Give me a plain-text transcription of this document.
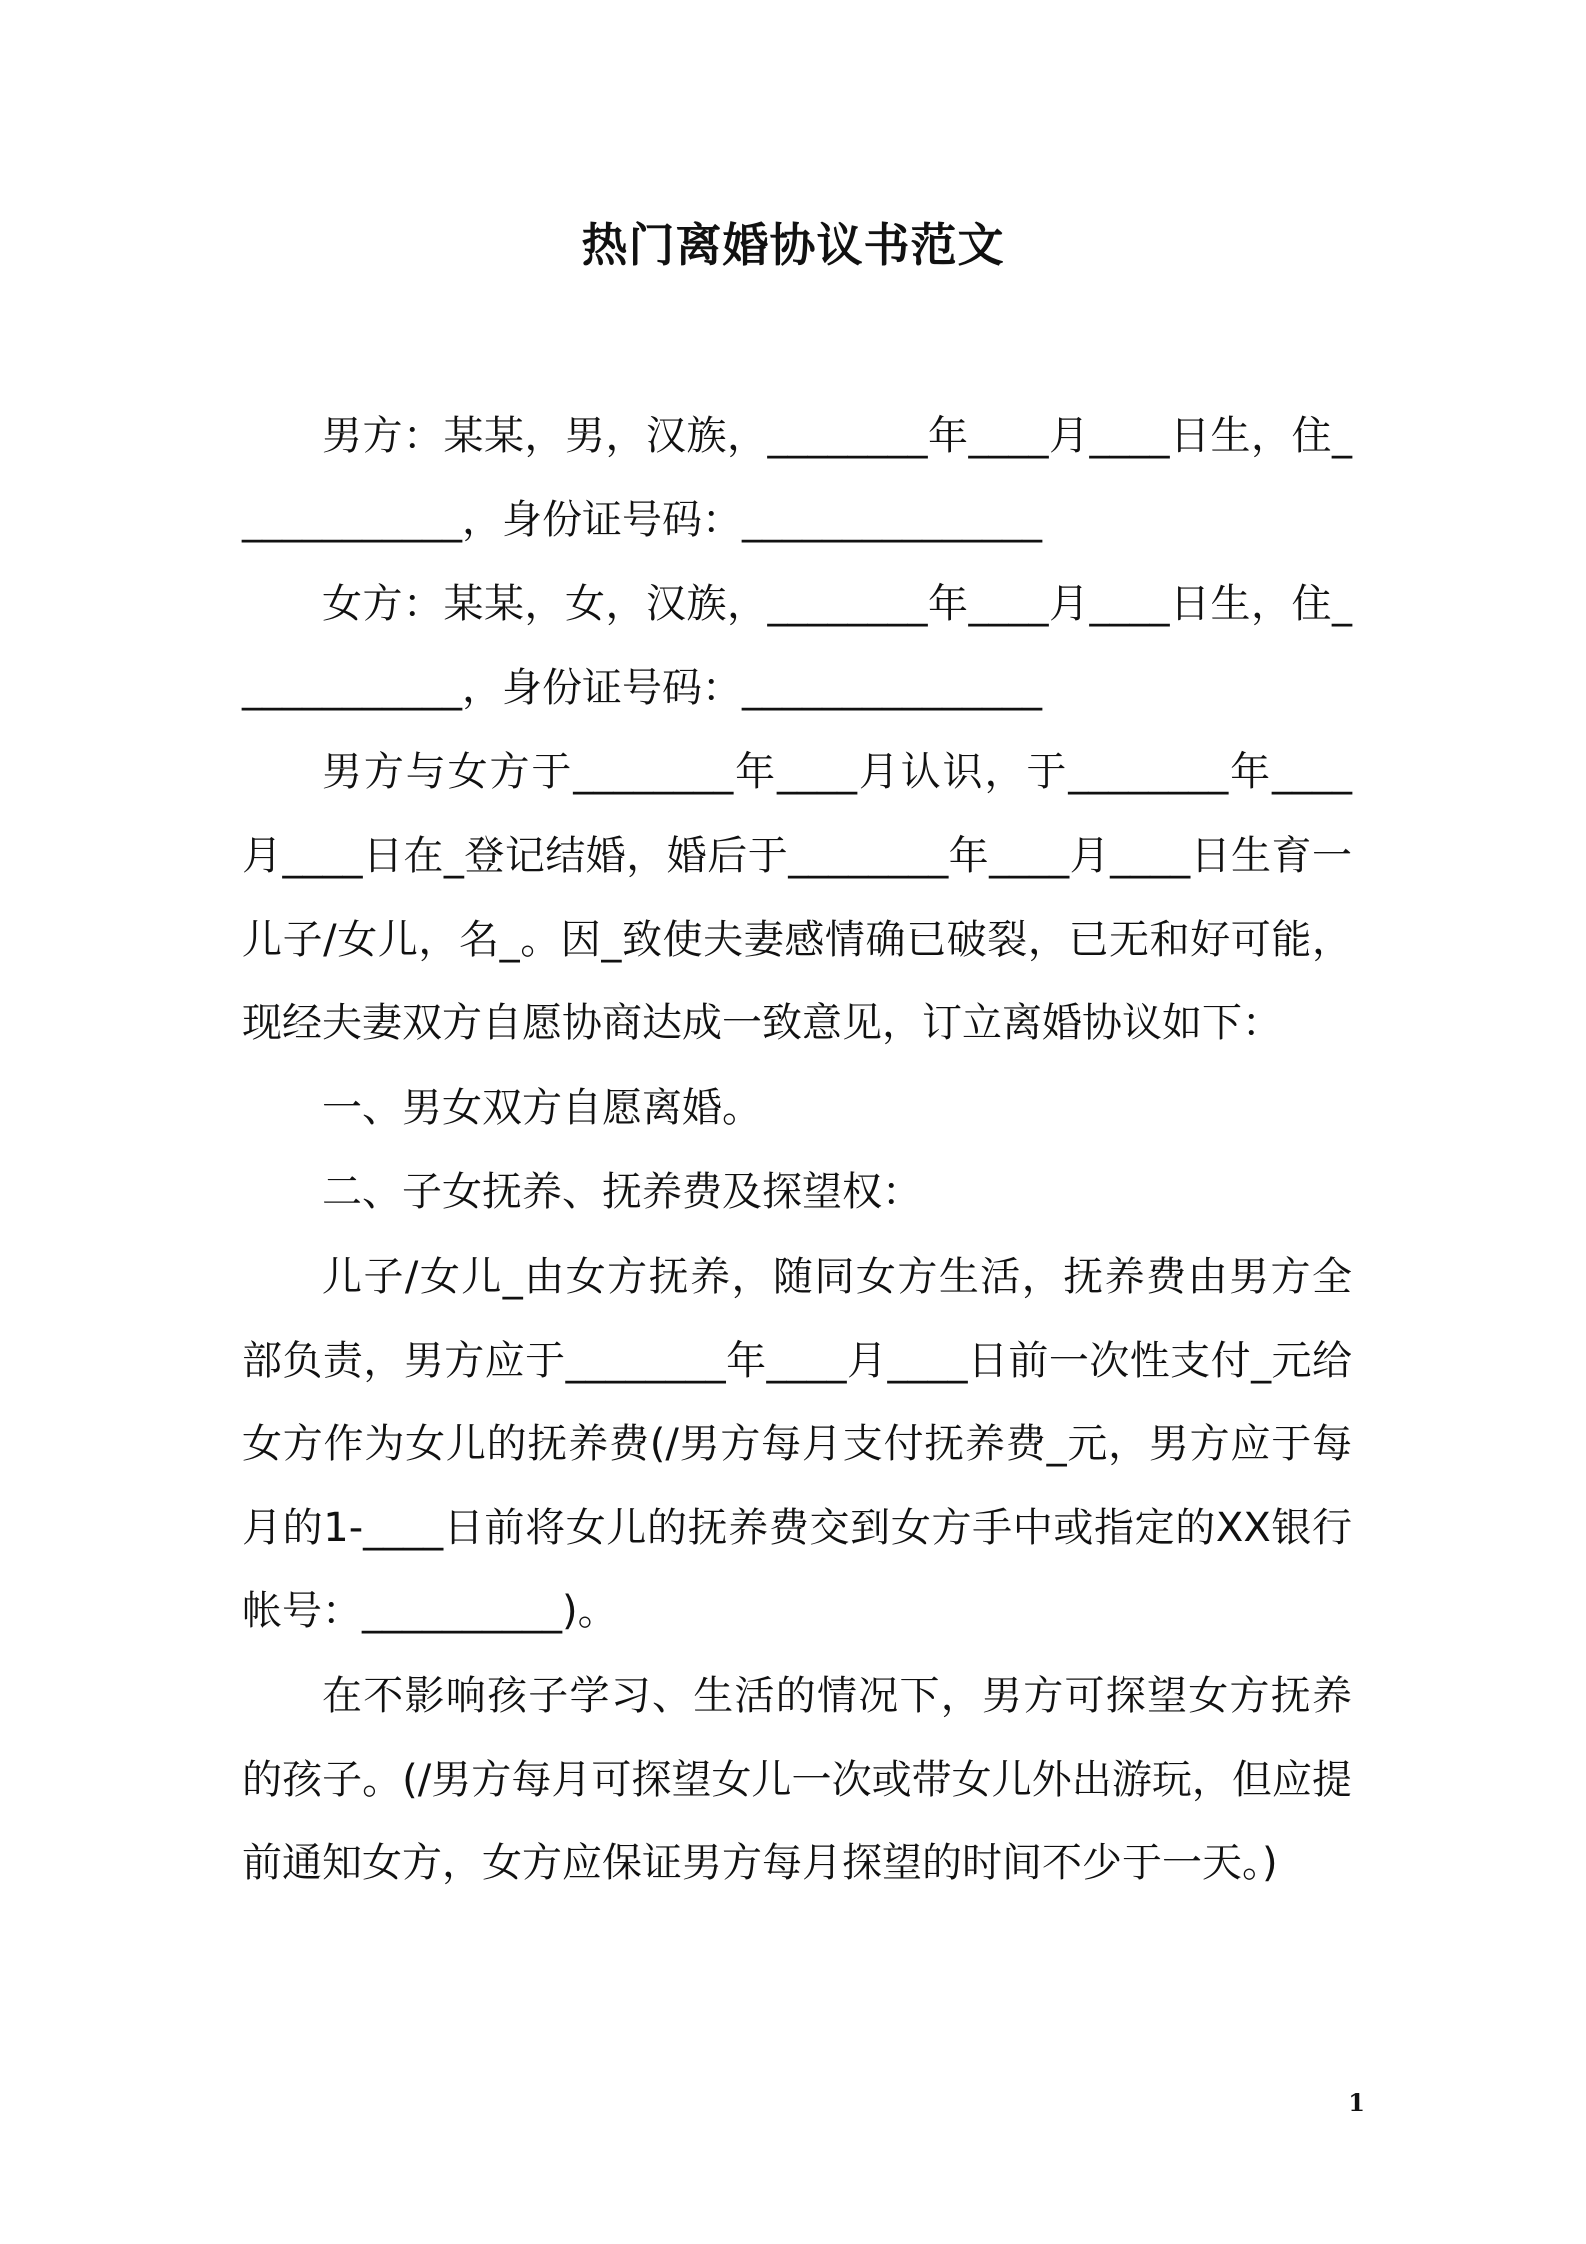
热门离婚协议书范文

男方：某某，男，汉族，________年____月____日生，住____________，身份证号码：_______________

女方：某某，女，汉族，________年____月____日生，住____________，身份证号码：_______________

男方与女方于________年____月认识，于________年____月____日在_登记结婚，婚后于________年____月____日生育一儿子/女儿，名_。因_致使夫妻感情确已破裂，已无和好可能，现经夫妻双方自愿协商达成一致意见，订立离婚协议如下：

一、男女双方自愿离婚。

二、子女抚养、抚养费及探望权：

儿子/女儿_由女方抚养，随同女方生活，抚养费由男方全部负责，男方应于________年____月____日前一次性支付_元给女方作为女儿的抚养费(/男方每月支付抚养费_元，男方应于每月的1-____日前将女儿的抚养费交到女方手中或指定的XX银行帐号：__________)。

在不影响孩子学习、生活的情况下，男方可探望女方抚养的孩子。(/男方每月可探望女儿一次或带女儿外出游玩，但应提前通知女方，女方应保证男方每月探望的时间不少于一天。)

1
